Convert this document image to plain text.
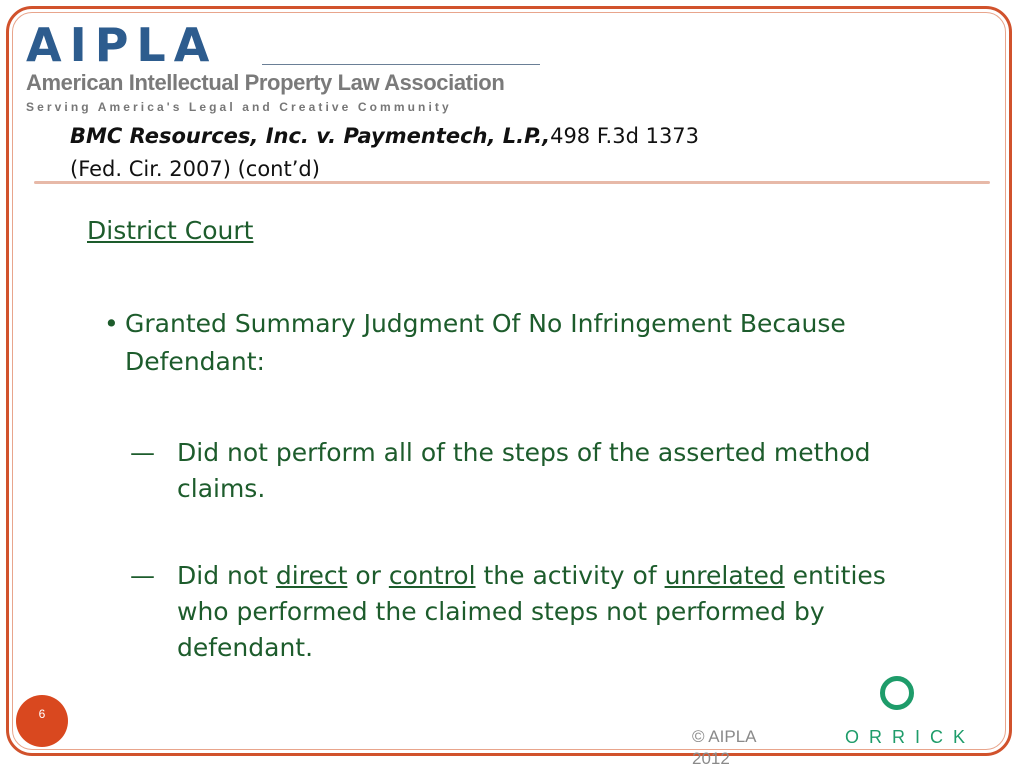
AIPLA

American Intellectual Property Law Association

Serving America's Legal and Creative Community

BMC Resources, Inc. v. Paymentech, L.P.,498 F.3d 1373
(Fed. Cir. 2007) (cont’d)
District Court
• Granted Summary Judgment Of No Infringement Because Defendant:
— Did not perform all of the steps of the asserted method claims.
— Did not direct or control the activity of unrelated entities who performed the claimed steps not performed by defendant.
6

© AIPLA 2012

ORRICK
